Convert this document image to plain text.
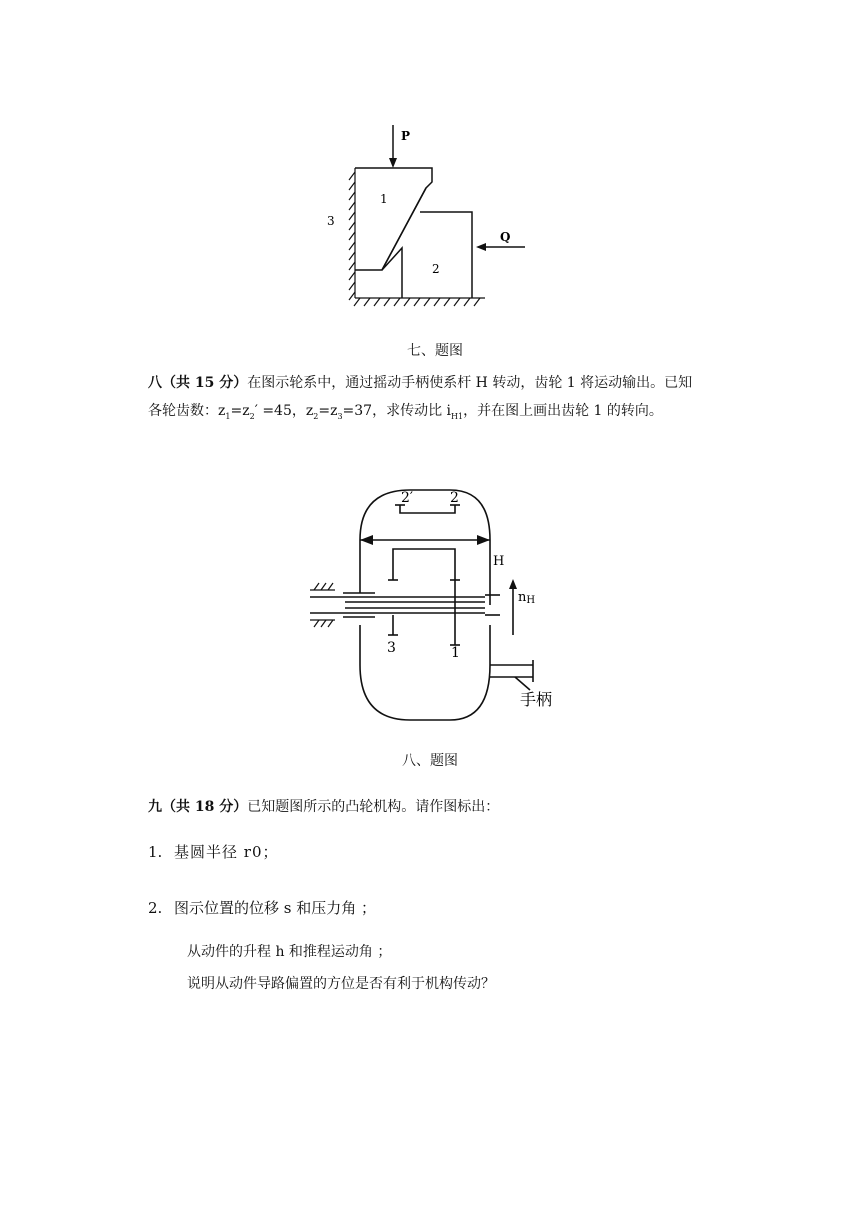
P
Q
1
2
3
七、题图
八（共 15 分）在图示轮系中，通过摇动手柄使系杆 H 转动，齿轮 1 将运动输出。已知
各轮齿数：$z_1=z_2' =45$，$z_2=z_3=37$，求传动比 $i_{H1}$，并在图上画出齿轮 1 的转向。
2′	2
H
nH
3	1
手柄
八、题图
九（共 18 分）已知题图所示的凸轮机构。请作图标出：
1. 基圆半径 r0；
2. 图示位置的位移 s 和压力角 ；
从动件的升程 h 和推程运动角 ；
说明从动件导路偏置的方位是否有利于机构传动？
